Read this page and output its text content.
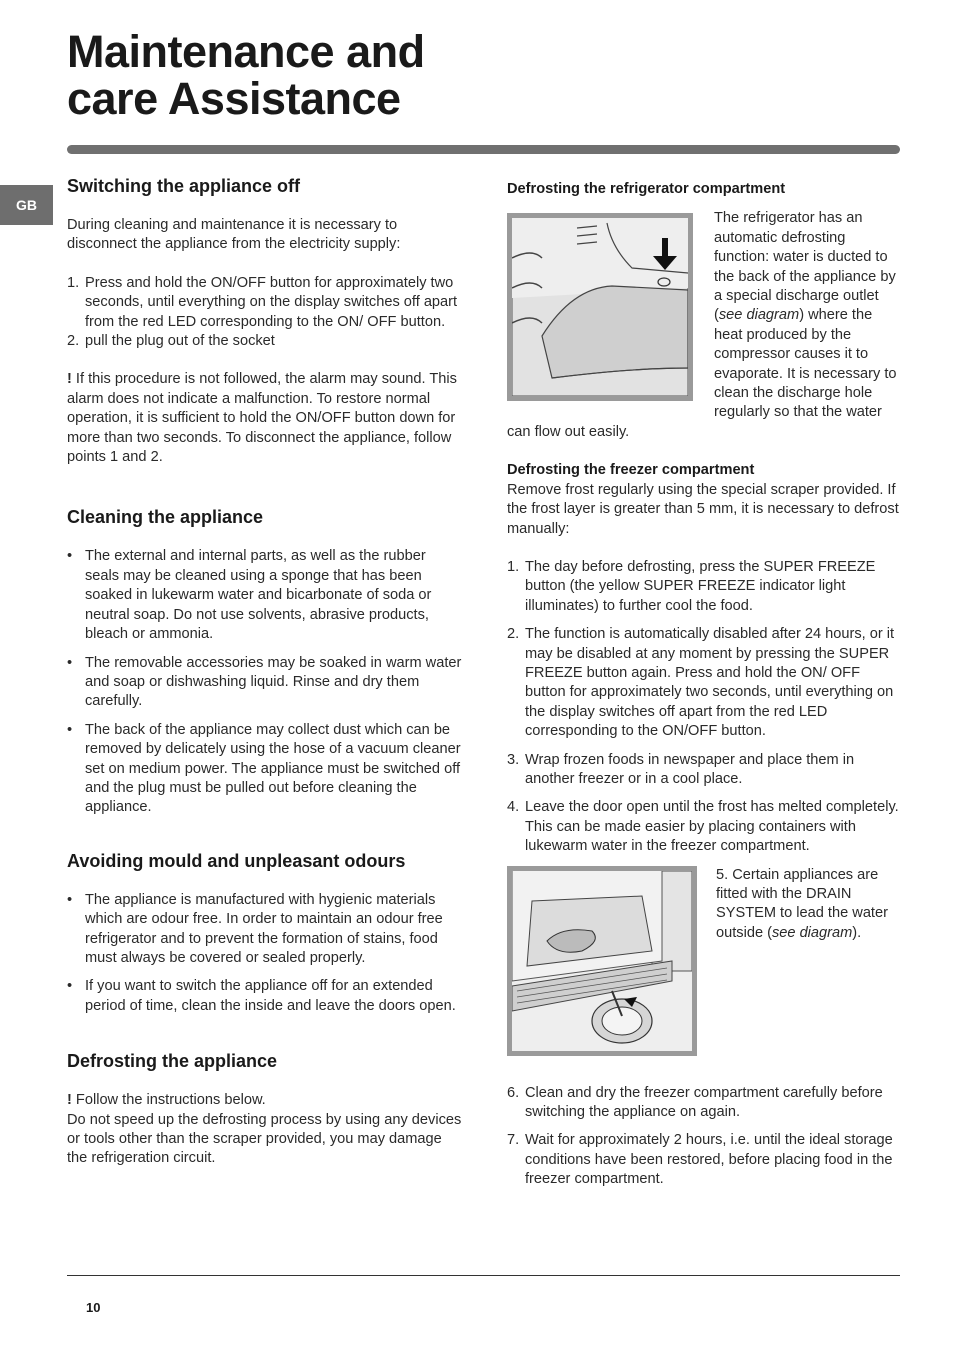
Maintenance and
care Assistance
GB
Switching the appliance off

During cleaning and maintenance it is necessary to disconnect the appliance from the electricity supply:

1. Press and hold the ON/OFF button for approximately two seconds, until everything on the display switches off apart from the red LED corresponding to the ON/ OFF button.
2. pull the plug out of the socket

! If this procedure is not followed, the alarm may sound. This alarm does not indicate a malfunction. To restore normal operation, it is sufficient to hold the ON/OFF button down for more than two seconds. To disconnect the appliance, follow points 1 and 2.

Cleaning the appliance
• The external and internal parts, as well as the rubber seals may be cleaned using a sponge that has been soaked in lukewarm water and bicarbonate of soda or neutral soap. Do not use solvents, abrasive products, bleach or ammonia.
• The removable accessories may be soaked in warm water and soap or dishwashing liquid. Rinse and dry them carefully.
• The back of the appliance may collect dust which can be removed by delicately using the hose of a vacuum cleaner set on medium power. The appliance must be switched off and the plug must be pulled out before cleaning the appliance.
Avoiding mould and unpleasant odours
• The appliance is manufactured with hygienic materials which are odour free. In order to maintain an odour free refrigerator and to prevent the formation of stains, food must always be covered or sealed properly.
• If you want to switch the appliance off for an extended period of time, clean the inside and leave the doors open.
Defrosting the appliance

! Follow the instructions below.

Do not speed up the defrosting process by using any devices or tools other than the scraper provided, you may damage the refrigeration circuit.

Defrosting the refrigerator compartment

The refrigerator has an automatic defrosting function: water is ducted to the back of the appliance by a special discharge outlet (see diagram) where the heat produced by the compressor causes it to evaporate. It is necessary to clean the discharge hole regularly so that the water can flow out easily.

Defrosting the freezer compartment

Remove frost regularly using the special scraper provided. If the frost layer is greater than 5 mm, it is necessary to defrost manually:

1. The day before defrosting, press the SUPER FREEZE button (the yellow SUPER FREEZE indicator light illuminates) to further cool the food.
2. The function is automatically disabled after 24 hours, or it may be disabled at any moment by pressing the SUPER FREEZE button again. Press and hold the ON/ OFF button for approximately two seconds, until everything on the display switches off apart from the red LED corresponding to the ON/OFF button.
3. Wrap frozen foods in newspaper and place them in another freezer or in a cool place.
4. Leave the door open until the frost has melted completely. This can be made easier by placing containers with lukewarm water in the freezer compartment.

5. Certain appliances are fitted with the DRAIN SYSTEM to lead the water outside (see diagram).

6. Clean and dry the freezer compartment carefully before switching the appliance on again.
7. Wait for approximately 2 hours, i.e. until the ideal storage conditions have been restored, before placing food in the freezer compartment.
10
